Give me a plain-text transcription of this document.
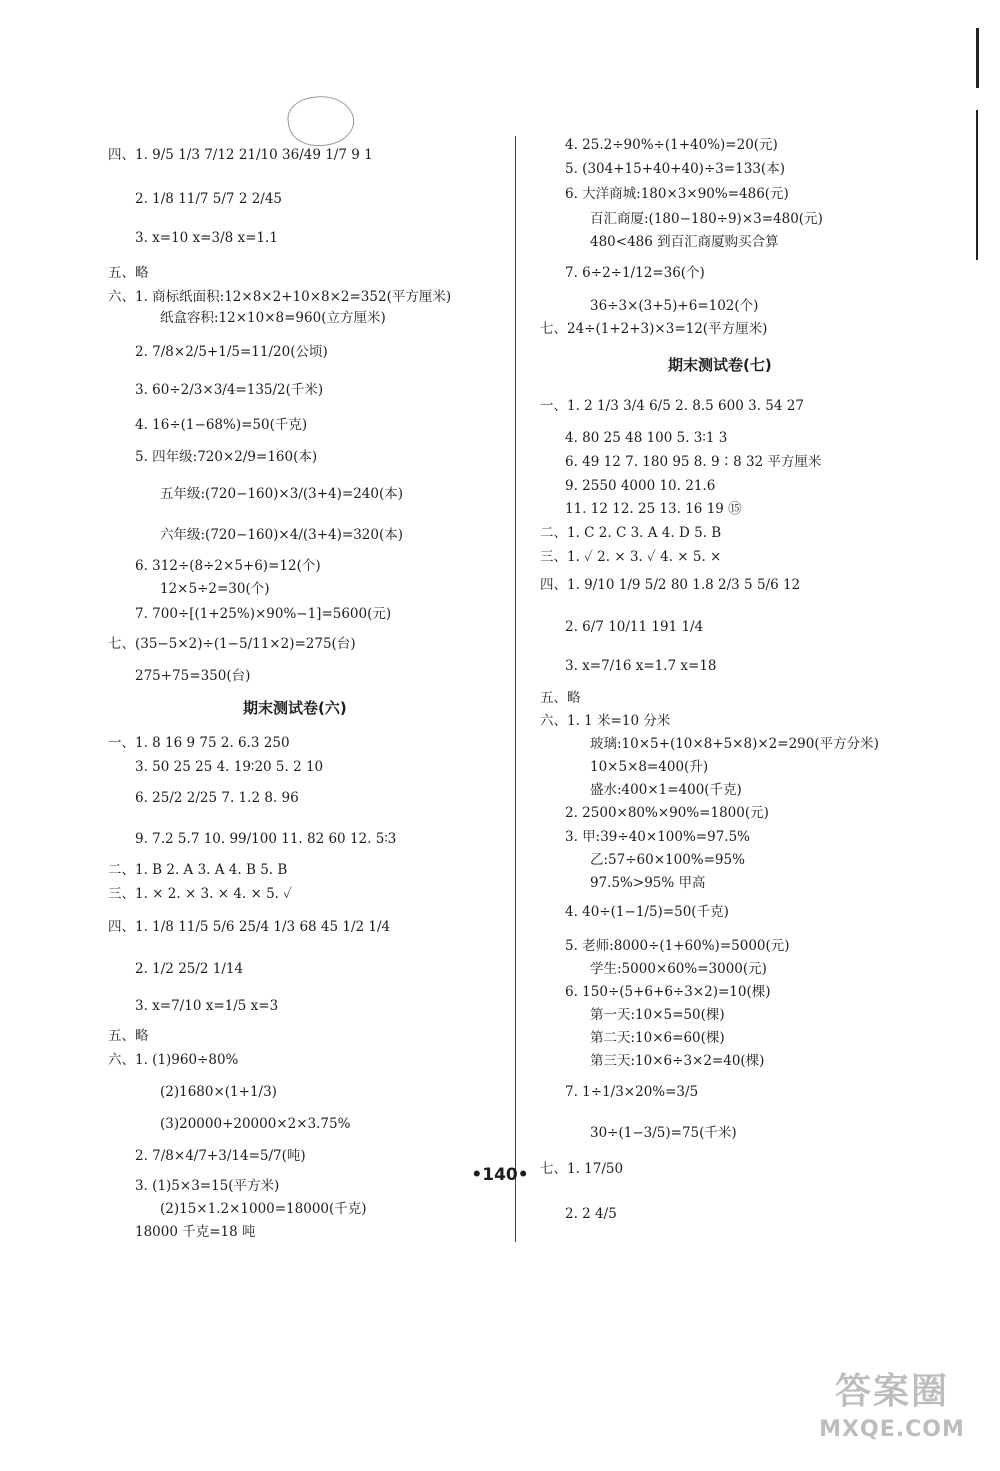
四、1. 9/5 1/3 7/12 21/10 36/49 1/7 9 1
2. 1/8 11/7 5/7 2 2/45
3. x=10 x=3/8 x=1.1
五、略
六、1. 商标纸面积:12×8×2+10×8×2=352(平方厘米)
纸盒容积:12×10×8=960(立方厘米)
2. 7/8×2/5+1/5=11/20(公顷)
3. 60÷2/3×3/4=135/2(千米)
4. 16÷(1−68%)=50(千克)
5. 四年级:720×2/9=160(本)
五年级:(720−160)×3/(3+4)=240(本)
六年级:(720−160)×4/(3+4)=320(本)
6. 312÷(8÷2×5+6)=12(个)
12×5÷2=30(个)
7. 700÷[(1+25%)×90%−1]=5600(元)
七、(35−5×2)÷(1−5/11×2)=275(台)
275+75=350(台)
期末测试卷(六)
一、1. 8 16 9 75 2. 6.3 250
3. 50 25 25 4. 19∶20 5. 2 10
6. 25/2 2/25 7. 1.2 8. 96
9. 7.2 5.7 10. 99/100 11. 82 60 12. 5∶3
二、1. B 2. A 3. A 4. B 5. B
三、1. × 2. × 3. × 4. × 5. ✓
四、1. 1/8 11/5 5/6 25/4 1/3 68 45 1/2 1/4
2. 1/2 25/2 1/14
3. x=7/10 x=1/5 x=3
五、略
六、1. (1)960÷80%
(2)1680×(1+1/3)
(3)20000+20000×2×3.75%
2. 7/8×4/7+3/14=5/7(吨)
3. (1)5×3=15(平方米)
(2)15×1.2×1000=18000(千克)
18000 千克=18 吨
4. 25.2÷90%÷(1+40%)=20(元)
5. (304+15+40+40)÷3=133(本)
6. 大洋商城:180×3×90%=486(元)
百汇商厦:(180−180÷9)×3=480(元)
480<486 到百汇商厦购买合算
7. 6÷2÷1/12=36(个)
36÷3×(3+5)+6=102(个)
七、24÷(1+2+3)×3=12(平方厘米)
期末测试卷(七)
一、1. 2 1/3 3/4 6/5 2. 8.5 600 3. 54 27
4. 80 25 48 100 5. 3∶1 3
6. 49 12 7. 180 95 8. 9∶8 32 平方厘米
9. 2550 4000 10. 21.6
11. 12 12. 25 13. 16 19 ⑮
二、1. C 2. C 3. A 4. D 5. B
三、1. ✓ 2. × 3. ✓ 4. × 5. ×
四、1. 9/10 1/9 5/2 80 1.8 2/3 5 5/6 12
2. 6/7 10/11 191 1/4
3. x=7/16 x=1.7 x=18
五、略
六、1. 1 米=10 分米
玻璃:10×5+(10×8+5×8)×2=290(平方分米)
10×5×8=400(升)
盛水:400×1=400(千克)
2. 2500×80%×90%=1800(元)
3. 甲:39÷40×100%=97.5%
乙:57÷60×100%=95%
97.5%>95% 甲高
4. 40÷(1−1/5)=50(千克)
5. 老师:8000÷(1+60%)=5000(元)
学生:5000×60%=3000(元)
6. 150÷(5+6+6÷3×2)=10(棵)
第一天:10×5=50(棵)
第二天:10×6=60(棵)
第三天:10×6÷3×2=40(棵)
7. 1÷1/3×20%=3/5
30÷(1−3/5)=75(千米)
七、1. 17/50
2. 2 4/5
•140•
答案圈
MXQE.COM
